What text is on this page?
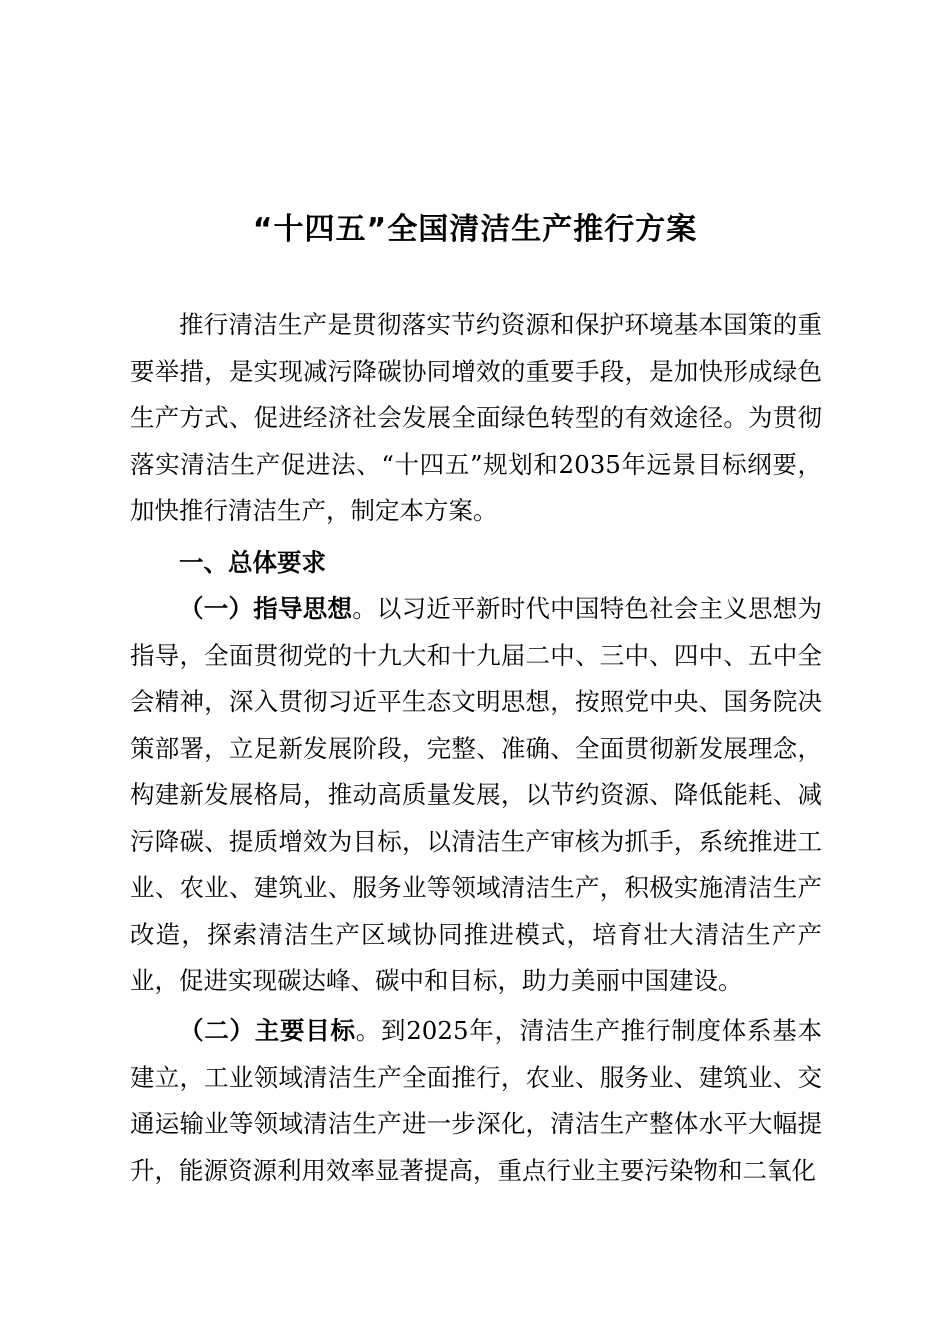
“十四五”全国清洁生产推行方案

推行清洁生产是贯彻落实节约资源和保护环境基本国策的重要举措，是实现减污降碳协同增效的重要手段，是加快形成绿色生产方式、促进经济社会发展全面绿色转型的有效途径。为贯彻落实清洁生产促进法、“十四五”规划和2035年远景目标纲要，加快推行清洁生产，制定本方案。

一、总体要求

（一）指导思想。以习近平新时代中国特色社会主义思想为指导，全面贯彻党的十九大和十九届二中、三中、四中、五中全会精神，深入贯彻习近平生态文明思想，按照党中央、国务院决策部署，立足新发展阶段，完整、准确、全面贯彻新发展理念，构建新发展格局，推动高质量发展，以节约资源、降低能耗、减污降碳、提质增效为目标，以清洁生产审核为抓手，系统推进工业、农业、建筑业、服务业等领域清洁生产，积极实施清洁生产改造，探索清洁生产区域协同推进模式，培育壮大清洁生产产业，促进实现碳达峰、碳中和目标，助力美丽中国建设。

（二）主要目标。到2025年，清洁生产推行制度体系基本建立，工业领域清洁生产全面推行，农业、服务业、建筑业、交通运输业等领域清洁生产进一步深化，清洁生产整体水平大幅提升，能源资源利用效率显著提高，重点行业主要污染物和二氧化
